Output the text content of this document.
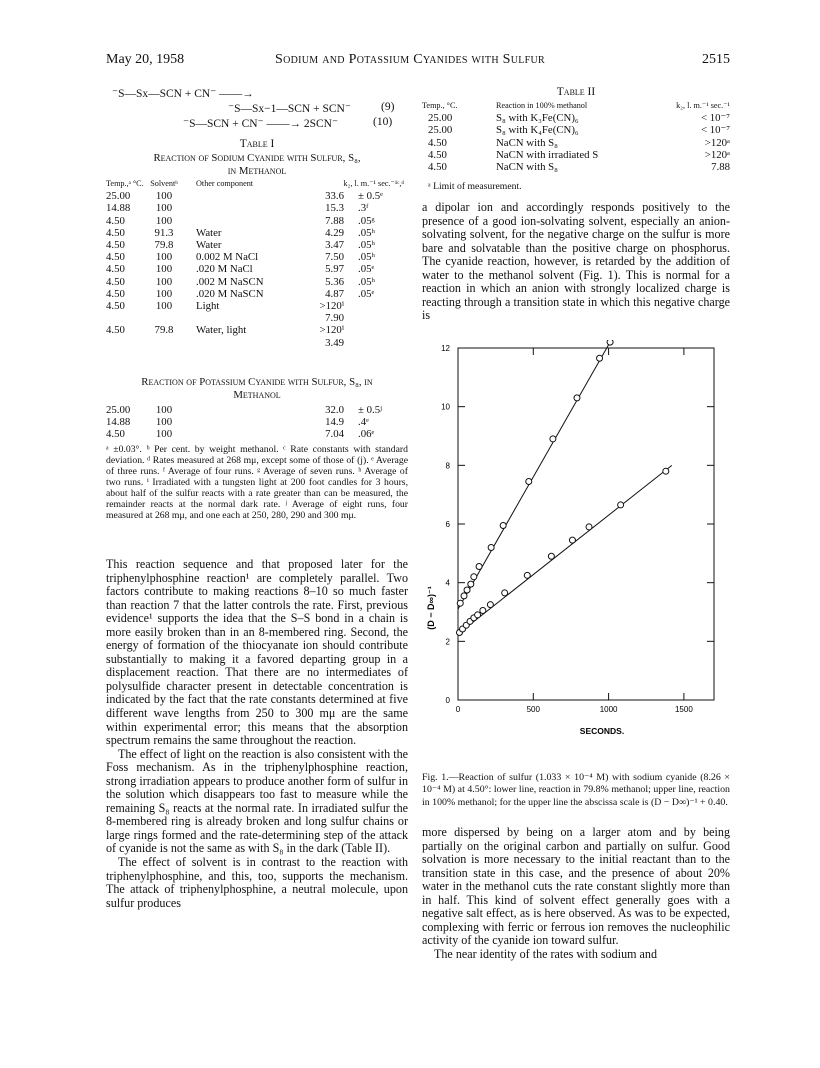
May 20, 1958	Sodium and Potassium Cyanides with Sulfur	2515
⁻S—Sx—SCN + CN⁻ ——→
⁻S—Sx−1—SCN + SCN⁻	(9)
⁻S—SCN + CN⁻ ——→ 2SCN⁻	(10)
Table I
Reaction of Sodium Cyanide with Sulfur, S₈,
in Methanol
Temp.,ᵃ °C.	Solventᵇ	Other component	k₂, l. m.⁻¹ sec.⁻¹ᶜ,ᵈ	
25.00	100		33.6	± 0.5ᵉ
14.88	100		15.3	.3ᶠ
4.50	100		7.88	.05ᵍ
4.50	91.3	Water	4.29	.05ʰ
4.50	79.8	Water	3.47	.05ʰ
4.50	100	0.002 M NaCl	7.50	.05ʰ
4.50	100	.020 M NaCl	5.97	.05ᵉ
4.50	100	.002 M NaSCN	5.36	.05ʰ
4.50	100	.020 M NaSCN	4.87	.05ᵉ
4.50	100	Light	>120ⁱ	
			7.90	
4.50	79.8	Water, light	>120ⁱ	
			3.49	
Reaction of Potassium Cyanide with Sulfur, S₈, in
Methanol
25.00	100		32.0	± 0.5ʲ
14.88	100		14.9	.4ᵉ
4.50	100		7.04	.06ᵉ
ᵃ ±0.03°. ᵇ Per cent. by weight methanol. ᶜ Rate constants with standard deviation. ᵈ Rates measured at 268 mμ, except some of those of (j). ᵉ Average of three runs. ᶠ Average of four runs. ᵍ Average of seven runs. ʰ Average of two runs. ⁱ Irradiated with a tungsten light at 200 foot candles for 3 hours, about half of the sulfur reacts with a rate greater than can be measured, the remainder reacts at the normal dark rate. ʲ Average of eight runs, four measured at 268 mμ, and one each at 250, 280, 290 and 300 mμ.

This reaction sequence and that proposed later for the triphenylphosphine reaction¹ are completely parallel. Two factors contribute to making reactions 8–10 so much faster than reaction 7 that the latter controls the rate. First, previous evidence¹ supports the idea that the S–S bond in a chain is more easily broken than in an 8-membered ring. Second, the energy of formation of the thiocyanate ion should contribute substantially to making it a favored departing group in a displacement reaction. That there are no intermediates of polysulfide character present in detectable concentration is indicated by the fact that the rate constants determined at five different wave lengths from 250 to 300 mμ are the same within experimental error; this means that the absorption spectrum remains the same throughout the reaction.

The effect of light on the reaction is also consistent with the Foss mechanism. As in the triphenylphosphine reaction, strong irradiation appears to produce another form of sulfur in the solution which disappears too fast to measure while the remaining S₈ reacts at the normal rate. In irradiated sulfur the 8-membered ring is already broken and long sulfur chains or large rings formed and the rate-determining step of the attack of cyanide is not the same as with S₈ in the dark (Table II).

The effect of solvent is in contrast to the reaction with triphenylphosphine, and this, too, supports the mechanism. The attack of triphenylphosphine, a neutral molecule, upon sulfur produces

Table II
Temp., °C.	Reaction in 100% methanol	k₂, l. m.⁻¹ sec.⁻¹
25.00	S₈ with K₃Fe(CN)₆	< 10⁻⁷
25.00	S₈ with K₄Fe(CN)₆	< 10⁻⁷
4.50	NaCN with S₈	>120ᵃ
4.50	NaCN with irradiated S	>120ᵃ
4.50	NaCN with S₈	7.88
ᵃ Limit of measurement.

a dipolar ion and accordingly responds positively to the presence of a good ion-solvating solvent, especially an anion-solvating solvent, for the negative charge on the sulfur is more bare and solvatable than the positive charge on phosphorus. The cyanide reaction, however, is retarded by the addition of water to the methanol solvent (Fig. 1). This is normal for a reaction in which an anion with strongly localized charge is reacting through a transition state in which this negative charge is

0	500	1000	1500
0
2
4
6
8
10
12
SECONDS.
(D − D∞)⁻¹
Fig. 1.—Reaction of sulfur (1.033 × 10⁻⁴ M) with sodium cyanide (8.26 × 10⁻⁴ M) at 4.50°: lower line, reaction in 79.8% methanol; upper line, reaction in 100% methanol; for the upper line the abscissa scale is (D − D∞)⁻¹ + 0.40.

more dispersed by being on a larger atom and by being partially on the original carbon and partially on sulfur. Good solvation is more necessary to the initial reactant than to the transition state in this case, and the presence of about 20% water in the methanol cuts the rate constant slightly more than in half. This kind of solvent effect generally goes with a negative salt effect, as is here observed. As was to be expected, complexing with ferric or ferrous ion removes the nucleophilic activity of the cyanide ion toward sulfur.

The near identity of the rates with sodium and
